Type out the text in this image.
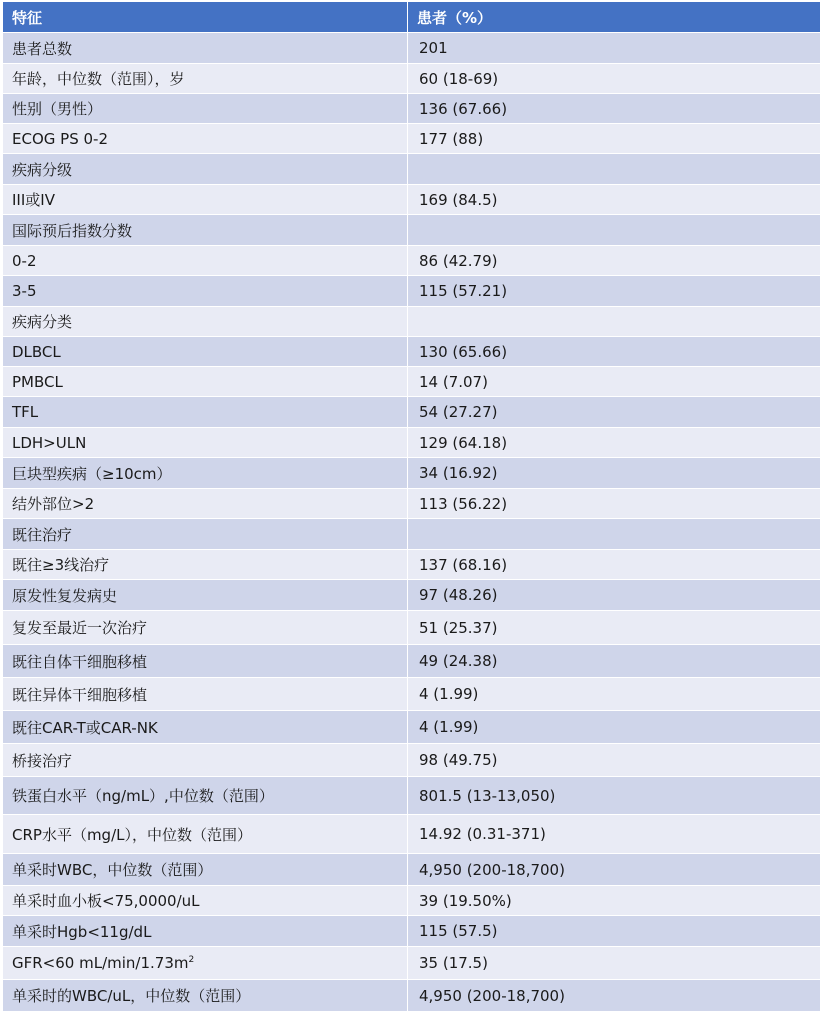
特征	患者（%）
患者总数	201
年龄，中位数（范围），岁	60 (18-69)
性别（男性）	136 (67.66)
ECOG PS 0-2	177 (88)
疾病分级	
III或IV	169 (84.5)
国际预后指数分数	
0-2	86 (42.79)
3-5	115 (57.21)
疾病分类	
DLBCL	130 (65.66)
PMBCL	14 (7.07)
TFL	54 (27.27)
LDH>ULN	129 (64.18)
巨块型疾病（≥10cm）	34 (16.92)
结外部位>2	113 (56.22)
既往治疗	
既往≥3线治疗	137 (68.16)
原发性复发病史	97 (48.26)
复发至最近一次治疗	51 (25.37)
既往自体干细胞移植	49 (24.38)
既往异体干细胞移植	4 (1.99)
既往CAR-T或CAR-NK	4 (1.99)
桥接治疗	98 (49.75)
铁蛋白水平（ng/mL）,中位数（范围）	801.5 (13-13,050)
CRP水平（mg/L），中位数（范围）	14.92 (0.31-371)
单采时WBC，中位数（范围）	4,950 (200-18,700)
单采时血小板<75,0000/uL	39 (19.50%)
单采时Hgb<11g/dL	115 (57.5)
GFR<60 $mL/\min/1.73m^2$	35 (17.5)
单采时的WBC/uL，中位数（范围）	4,950 (200-18,700)
